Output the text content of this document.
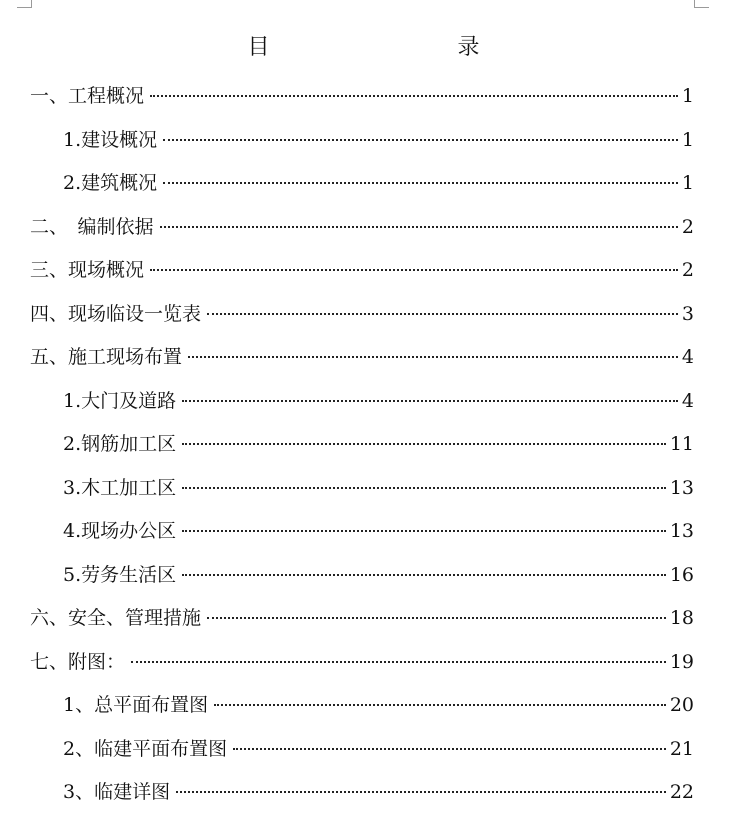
目　　录
一、工程概况	1
1.建设概况	1
2.建筑概况	1
二、　编制依据	2
三、现场概况	2
四、现场临设一览表	3
五、施工现场布置	4
1.大门及道路	4
2.钢筋加工区	11
3.木工加工区	13
4.现场办公区	13
5.劳务生活区	16
六、安全、管理措施	18
七、附图：	19
1、总平面布置图	20
2、临建平面布置图	21
3、临建详图	22
